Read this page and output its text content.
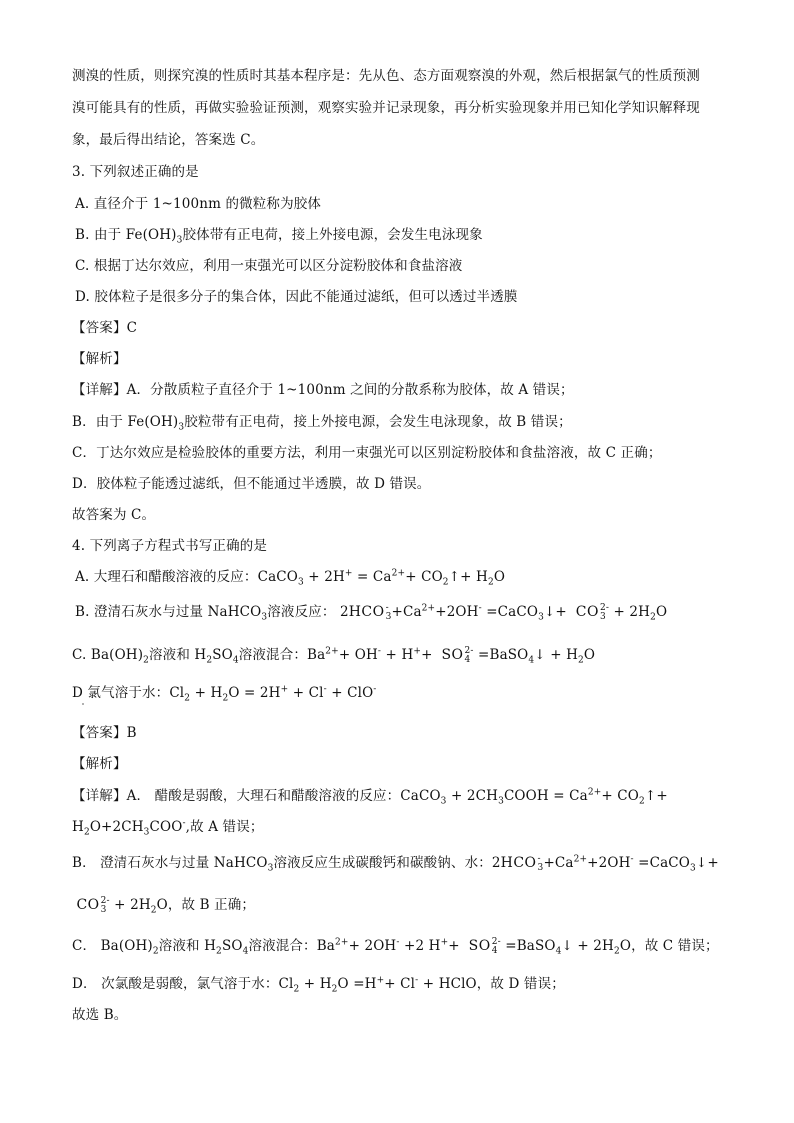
测溴的性质，则探究溴的性质时其基本程序是：先从色、态方面观察溴的外观，然后根据氯气的性质预测
溴可能具有的性质，再做实验验证预测，观察实验并记录现象，再分析实验现象并用已知化学知识解释现
象，最后得出结论，答案选 C。
3. 下列叙述正确的是
A. 直径介于 1~100nm 的微粒称为胶体
B. 由于 $Fe(OH)_3$胶体带有正电荷，接上外接电源，会发生电泳现象
C. 根据丁达尔效应，利用一束强光可以区分淀粉胶体和食盐溶液
D. 胶体粒子是很多分子的集合体，因此不能通过滤纸，但可以透过半透膜
【答案】C
【解析】
【详解】A．分散质粒子直径介于 1~100nm 之间的分散系称为胶体，故 A 错误；
B．由于 $Fe(OH)_3$胶粒带有正电荷，接上外接电源，会发生电泳现象，故 B 错误；
C．丁达尔效应是检验胶体的重要方法，利用一束强光可以区别淀粉胶体和食盐溶液，故 C 正确；
D．胶体粒子能透过滤纸，但不能通过半透膜，故 D 错误。
故答案为 C。
4. 下列离子方程式书写正确的是
A. 大理石和醋酸溶液的反应：CaCO$_3$ + $2H^+ = Ca^{2+}+$ $CO_2↑+ H_2O$
B. 澄清石灰水与过量 NaHCO$_3$溶液反应： 2HCO -
$3 +Ca^{2+}+2OH^-$ =CaCO$_3$↓+  CO 2-
$3 + 2H_2O$
C. $Ba(OH)_2$溶液和 $H_2SO_4$溶液混合：$Ba^{2+}+ OH^- + H^++$  SO 2-
4 =BaSO$_4$↓ + $H_2O$
D 氯气溶于水：$Cl_2 + H_2O = 2H^+ + Cl^- + ClO^-$
【答案】B
【解析】
【详解】A． 醋酸是弱酸，大理石和醋酸溶液的反应：CaCO$_3$ + $2CH_3COOH = Ca^{2+}+$ $CO_2↑+$
$H_2O+2CH_3COO^-$,故 A 错误；
B． 澄清石灰水与过量 NaHCO$_3$溶液反应生成碳酸钙和碳酸钠、水：2HCO -
$3 +Ca^{2+}+2OH^-$ =CaCO$_3$↓+
CO 2-
$3 + 2H_2O$，故 B 正确；
C． $Ba(OH)_2$溶液和 $H_2SO_4$溶液混合：$Ba^{2+}+ 2OH^- +2$ H++  SO 2-
4 =BaSO$_4$↓ + $2H_2O$，故 C 错误；
D． 次氯酸是弱酸，氯气溶于水：$Cl_2 + H_2O =H^++ Cl^-$ + HClO，故 D 错误；
故选 B。
